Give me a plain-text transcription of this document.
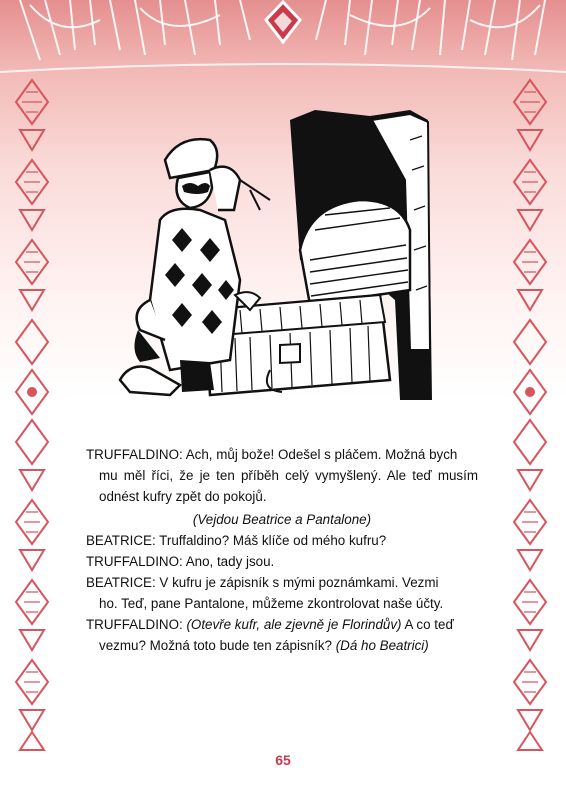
TRUFFALDINO: Ach, můj bože! Odešel s pláčem. Možná bych
mu měl říci, že je ten příběh celý vymyšlený. Ale teď musím odnést kufry zpět do pokojů.

(Vejdou Beatrice a Pantalone)

BEATRICE: Truffaldino? Máš klíče od mého kufru?

TRUFFALDINO: Ano, tady jsou.

BEATRICE: V kufru je zápisník s mými poznámkami. Vezmi
ho. Teď, pane Pantalone, můžeme zkontrolovat naše účty.

TRUFFALDINO: (Otevře kufr, ale zjevně je Florindův) A co teď
vezmu? Možná toto bude ten zápisník? (Dá ho Beatrici)

65
